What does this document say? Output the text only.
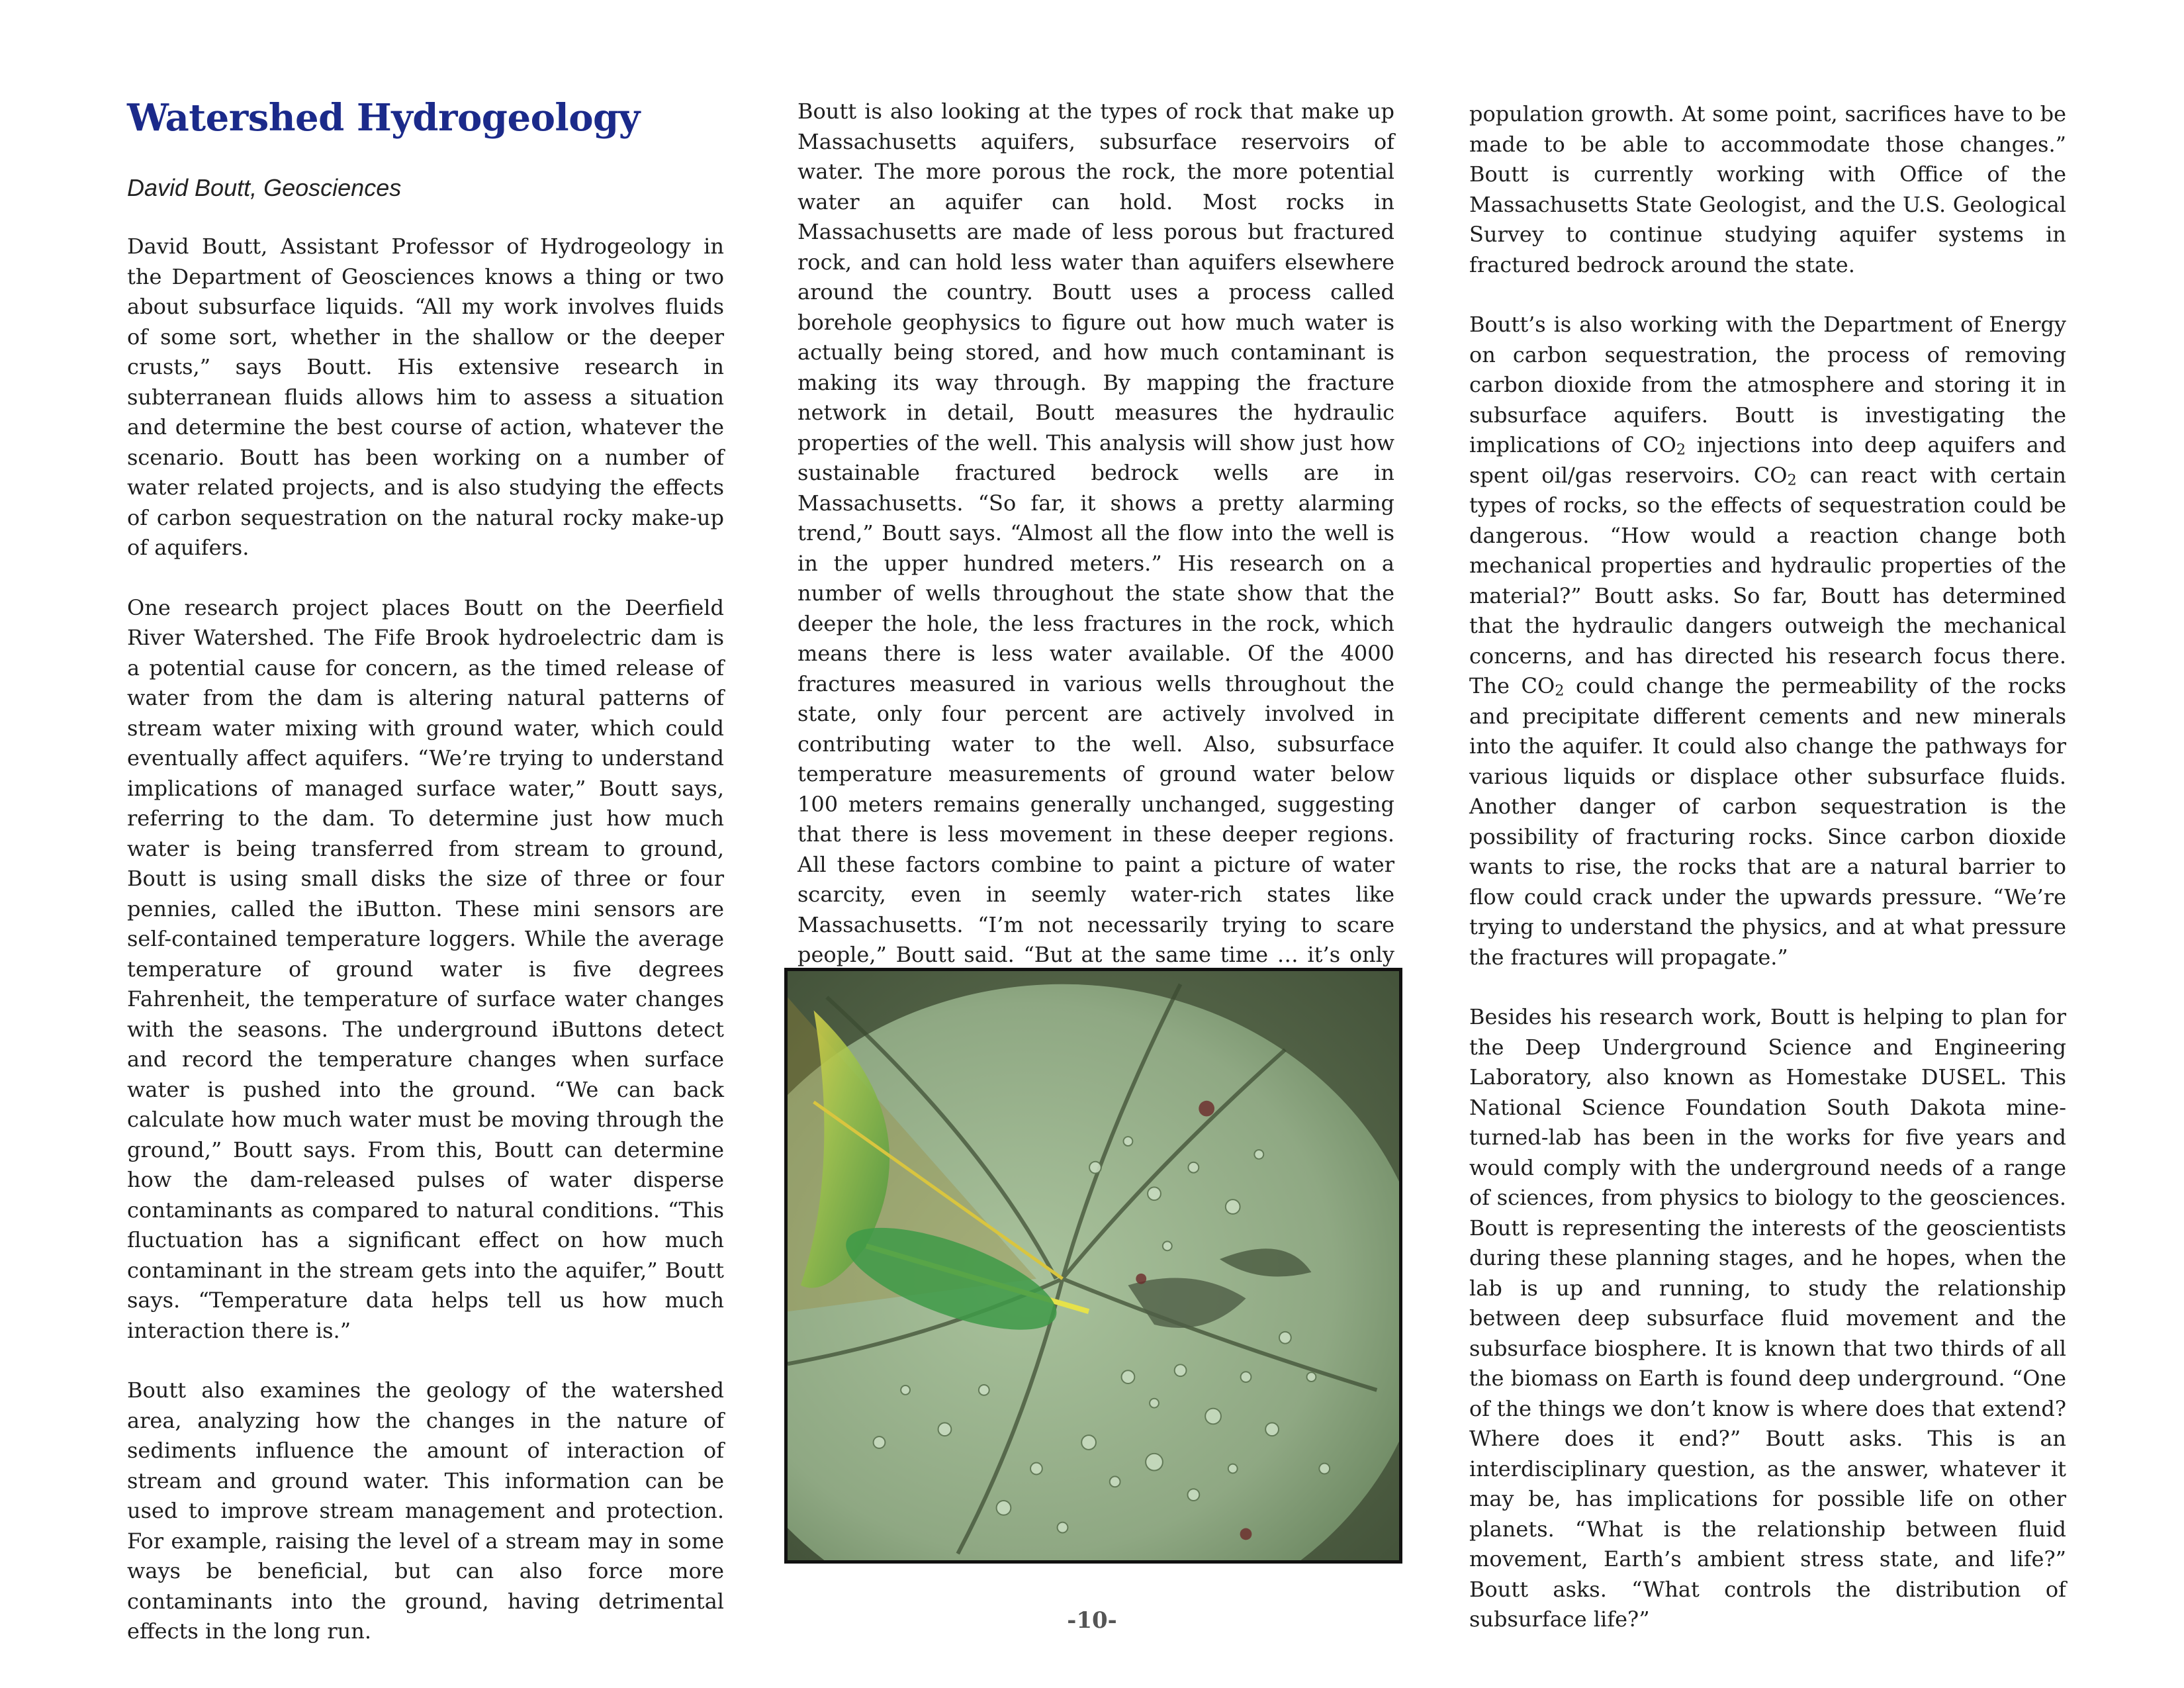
Watershed Hydrogeology
David Boutt, Geosciences

David Boutt, Assistant Professor of Hydrogeology in the Department of Geosciences knows a thing or two about subsurface liquids. “All my work involves fluids of some sort, whether in the shallow or the deeper crusts,” says Boutt. His extensive research in subterranean fluids allows him to assess a situation and determine the best course of action, whatever the scenario. Boutt has been working on a number of water related projects, and is also studying the effects of carbon sequestration on the natural rocky make-up of aquifers.

One research project places Boutt on the Deerfield River Watershed. The Fife Brook hydroelectric dam is a potential cause for concern, as the timed release of water from the dam is altering natural patterns of stream water mixing with ground water, which could eventually affect aquifers. “We’re trying to understand implications of managed surface water,” Boutt says, referring to the dam. To determine just how much water is being transferred from stream to ground, Boutt is using small disks the size of three or four pennies, called the iButton. These mini sensors are self-contained temperature loggers. While the average temperature of ground water is five degrees Fahrenheit, the temperature of surface water changes with the seasons. The underground iButtons detect and record the temperature changes when surface water is pushed into the ground. “We can back calculate how much water must be moving through the ground,” Boutt says. From this, Boutt can determine how the dam-released pulses of water disperse contaminants as compared to natural conditions. “This fluctuation has a significant effect on how much contaminant in the stream gets into the aquifer,” Boutt says. “Temperature data helps tell us how much interaction there is.”

Boutt also examines the geology of the watershed area, analyzing how the changes in the nature of sediments influence the amount of interaction of stream and ground water. This information can be used to improve stream management and protection. For example, raising the level of a stream may in some ways be beneficial, but can also force more contaminants into the ground, having detrimental effects in the long run.

Boutt is also looking at the types of rock that make up Massachusetts aquifers, subsurface reservoirs of water. The more porous the rock, the more potential water an aquifer can hold. Most rocks in Massachusetts are made of less porous but fractured rock, and can hold less water than aquifers elsewhere around the country. Boutt uses a process called borehole geophysics to figure out how much water is actually being stored, and how much contaminant is making its way through. By mapping the fracture network in detail, Boutt measures the hydraulic properties of the well. This analysis will show just how sustainable fractured bedrock wells are in Massachusetts. “So far, it shows a pretty alarming trend,” Boutt says. “Almost all the flow into the well is in the upper hundred meters.” His research on a number of wells throughout the state show that the deeper the hole, the less fractures in the rock, which means there is less water available. Of the 4000 fractures measured in various wells throughout the state, only four percent are actively involved in contributing water to the well. Also, subsurface temperature measurements of ground water below 100 meters remains generally unchanged, suggesting that there is less movement in these deeper regions. All these factors combine to paint a picture of water scarcity, even in seemly water-rich states like Massachusetts. “I’m not necessarily trying to scare people,” Boutt said. “But at the same time … it’s only

population growth. At some point, sacrifices have to be made to be able to accommodate those changes.” Boutt is currently working with Office of the Massachusetts State Geologist, and the U.S. Geological Survey to continue studying aquifer systems in fractured bedrock around the state.

Boutt’s is also working with the Department of Energy on carbon sequestration, the process of removing carbon dioxide from the atmosphere and storing it in subsurface aquifers. Boutt is investigating the implications of $CO_2$ injections into deep aquifers and spent oil/gas reservoirs. $CO_2$ can react with certain types of rocks, so the effects of sequestration could be dangerous. “How would a reaction change both mechanical properties and hydraulic properties of the material?” Boutt asks. So far, Boutt has determined that the hydraulic dangers outweigh the mechanical concerns, and has directed his research focus there. The $CO_2$ could change the permeability of the rocks and precipitate different cements and new minerals into the aquifer. It could also change the pathways for various liquids or displace other subsurface fluids. Another danger of carbon sequestration is the possibility of fracturing rocks. Since carbon dioxide wants to rise, the rocks that are a natural barrier to flow could crack under the upwards pressure. “We’re trying to understand the physics, and at what pressure the fractures will propagate.”

Besides his research work, Boutt is helping to plan for the Deep Underground Science and Engineering Laboratory, also known as Homestake DUSEL. This National Science Foundation South Dakota mine-turned-lab has been in the works for five years and would comply with the underground needs of a range of sciences, from physics to biology to the geosciences. Boutt is representing the interests of the geoscientists during these planning stages, and he hopes, when the lab is up and running, to study the relationship between deep subsurface fluid movement and the subsurface biosphere. It is known that two thirds of all the biomass on Earth is found deep underground. “One of the things we don’t know is where does that extend? Where does it end?” Boutt asks. This is an interdisciplinary question, as the answer, whatever it may be, has implications for possible life on other planets. “What is the relationship between fluid movement, Earth’s ambient stress state, and life?” Boutt asks. “What controls the distribution of subsurface life?”

-10-
